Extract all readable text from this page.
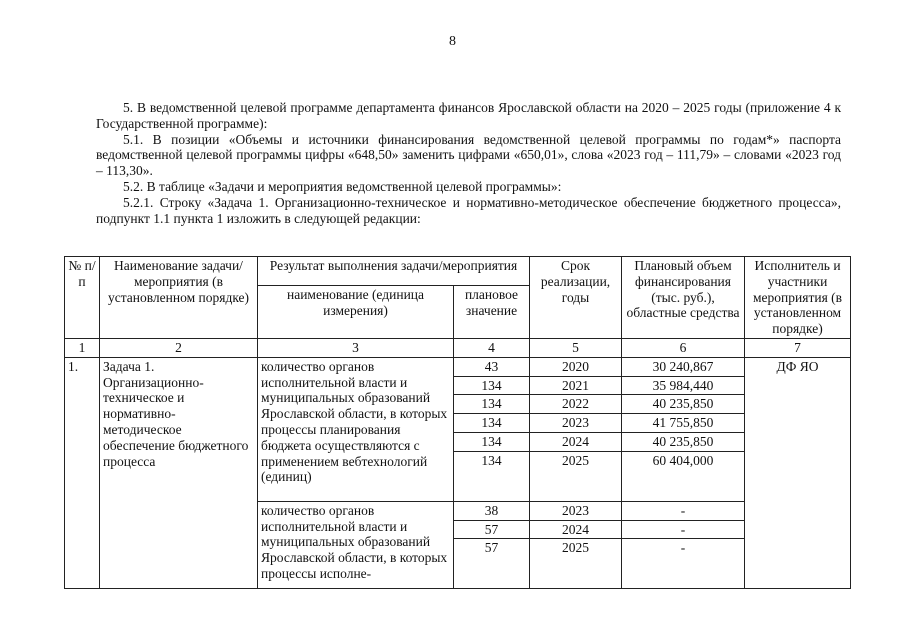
8

5. В ведомственной целевой программе департамента финансов Ярославской области на 2020 – 2025 годы (приложение 4 к Государственной программе):

5.1. В позиции «Объемы и источники финансирования ведомственной целевой программы по годам*» паспорта ведомственной целевой программы цифры «648,50» заменить цифрами «650,01», слова «2023 год – 111,79» – словами «2023 год – 113,30».

5.2. В таблице «Задачи и мероприятия ведомственной целевой программы»:

5.2.1. Строку «Задача 1. Организационно-техническое и нормативно-методическое обеспечение бюджетного процесса», подпункт 1.1 пункта 1 изложить в следующей редакции:

№ п/п	Наименование задачи/ мероприятия (в установленном порядке)	Результат выполнения задачи/мероприятия		Срок реализации, годы	Плановый объем финансирования (тыс. руб.), областные средства	Исполнитель и участники мероприятия (в установленном порядке)
		наименование (единица измерения)	плановое значение			
1	2	3	4	5	6	7
1.	Задача 1. Организационно-техническое и нормативно-методическое обеспечение бюджетного процесса	количество органов исполнительной власти и муниципальных образований Ярославской области, в которых процессы планирования бюджета осуществляются с применением вебтехнологий (единиц)	43	2020	30 240,867	ДФ ЯО
			134	2021	35 984,440	
			134	2022	40 235,850	
			134	2023	41 755,850	
			134	2024	40 235,850	
			134	2025	60 404,000	
		количество органов исполнительной власти и муниципальных образований Ярославской области, в которых процессы исполне-	38	2023	-	
			57	2024	-	
			57	2025	-	
